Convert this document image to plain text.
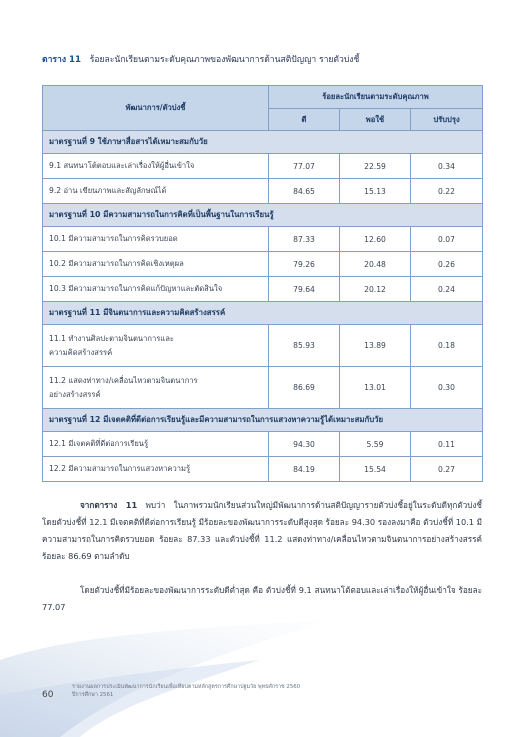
ตาราง 11 ร้อยละนักเรียนตามระดับคุณภาพของพัฒนาการด้านสติปัญญา รายตัวบ่งชี้
พัฒนาการ/ตัวบ่งชี้	ร้อยละนักเรียนตามระดับคุณภาพ		
	ดี	พอใช้	ปรับปรุง
มาตรฐานที่ 9 ใช้ภาษาสื่อสารได้เหมาะสมกับวัย			

9.1 สนทนาโต้ตอบและเล่าเรื่องให้ผู้อื่นเข้าใจ	77.07	22.59	0.34

9.2 อ่าน เขียนภาพและสัญลักษณ์ได้	84.65	15.13	0.22
มาตรฐานที่ 10 มีความสามารถในการคิดที่เป็นพื้นฐานในการเรียนรู้			

10.1 มีความสามารถในการคิดรวบยอด	87.33	12.60	0.07

10.2 มีความสามารถในการคิดเชิงเหตุผล	79.26	20.48	0.26

10.3 มีความสามารถในการคิดแก้ปัญหาและตัดสินใจ	79.64	20.12	0.24
มาตรฐานที่ 11 มีจินตนาการและความคิดสร้างสรรค์			

11.1 ทำงานศิลปะตามจินตนาการและ
ความคิดสร้างสรรค์	85.93	13.89	0.18

11.2 แสดงท่าทาง/เคลื่อนไหวตามจินตนาการ
อย่างสร้างสรรค์	86.69	13.01	0.30
มาตรฐานที่ 12 มีเจตคติที่ดีต่อการเรียนรู้และมีความสามารถในการแสวงหาความรู้ได้เหมาะสมกับวัย			

12.1 มีเจตคติที่ดีต่อการเรียนรู้	94.30	5.59	0.11

12.2 มีความสามารถในการแสวงหาความรู้	84.19	15.54	0.27
จากตาราง 11 พบว่า ในภาพรวมนักเรียนส่วนใหญ่มีพัฒนาการด้านสติปัญญารายตัวบ่งชี้อยู่ในระดับดีทุกตัวบ่งชี้ โดยตัวบ่งชี้ที่ 12.1 มีเจตคติที่ดีต่อการเรียนรู้ มีร้อยละของพัฒนาการระดับดีสูงสุด ร้อยละ 94.30 รองลงมาคือ ตัวบ่งชี้ที่ 10.1 มีความสามารถในการคิดรวบยอด ร้อยละ 87.33 และตัวบ่งชี้ที่ 11.2 แสดงท่าทาง/เคลื่อนไหวตามจินตนาการอย่างสร้างสรรค์ ร้อยละ 86.69 ตามลำดับ
โดยตัวบ่งชี้ที่มีร้อยละของพัฒนาการระดับดีต่ำสุด คือ ตัวบ่งชี้ที่ 9.1 สนทนาโต้ตอบและเล่าเรื่องให้ผู้อื่นเข้าใจ ร้อยละ 77.07
60
รายงานผลการประเมินพัฒนาการนักเรียนเพื่อเทียบตามหลักสูตรการศึกษาปฐมวัย พุทธศักราช 2560
ปีการศึกษา 2561
